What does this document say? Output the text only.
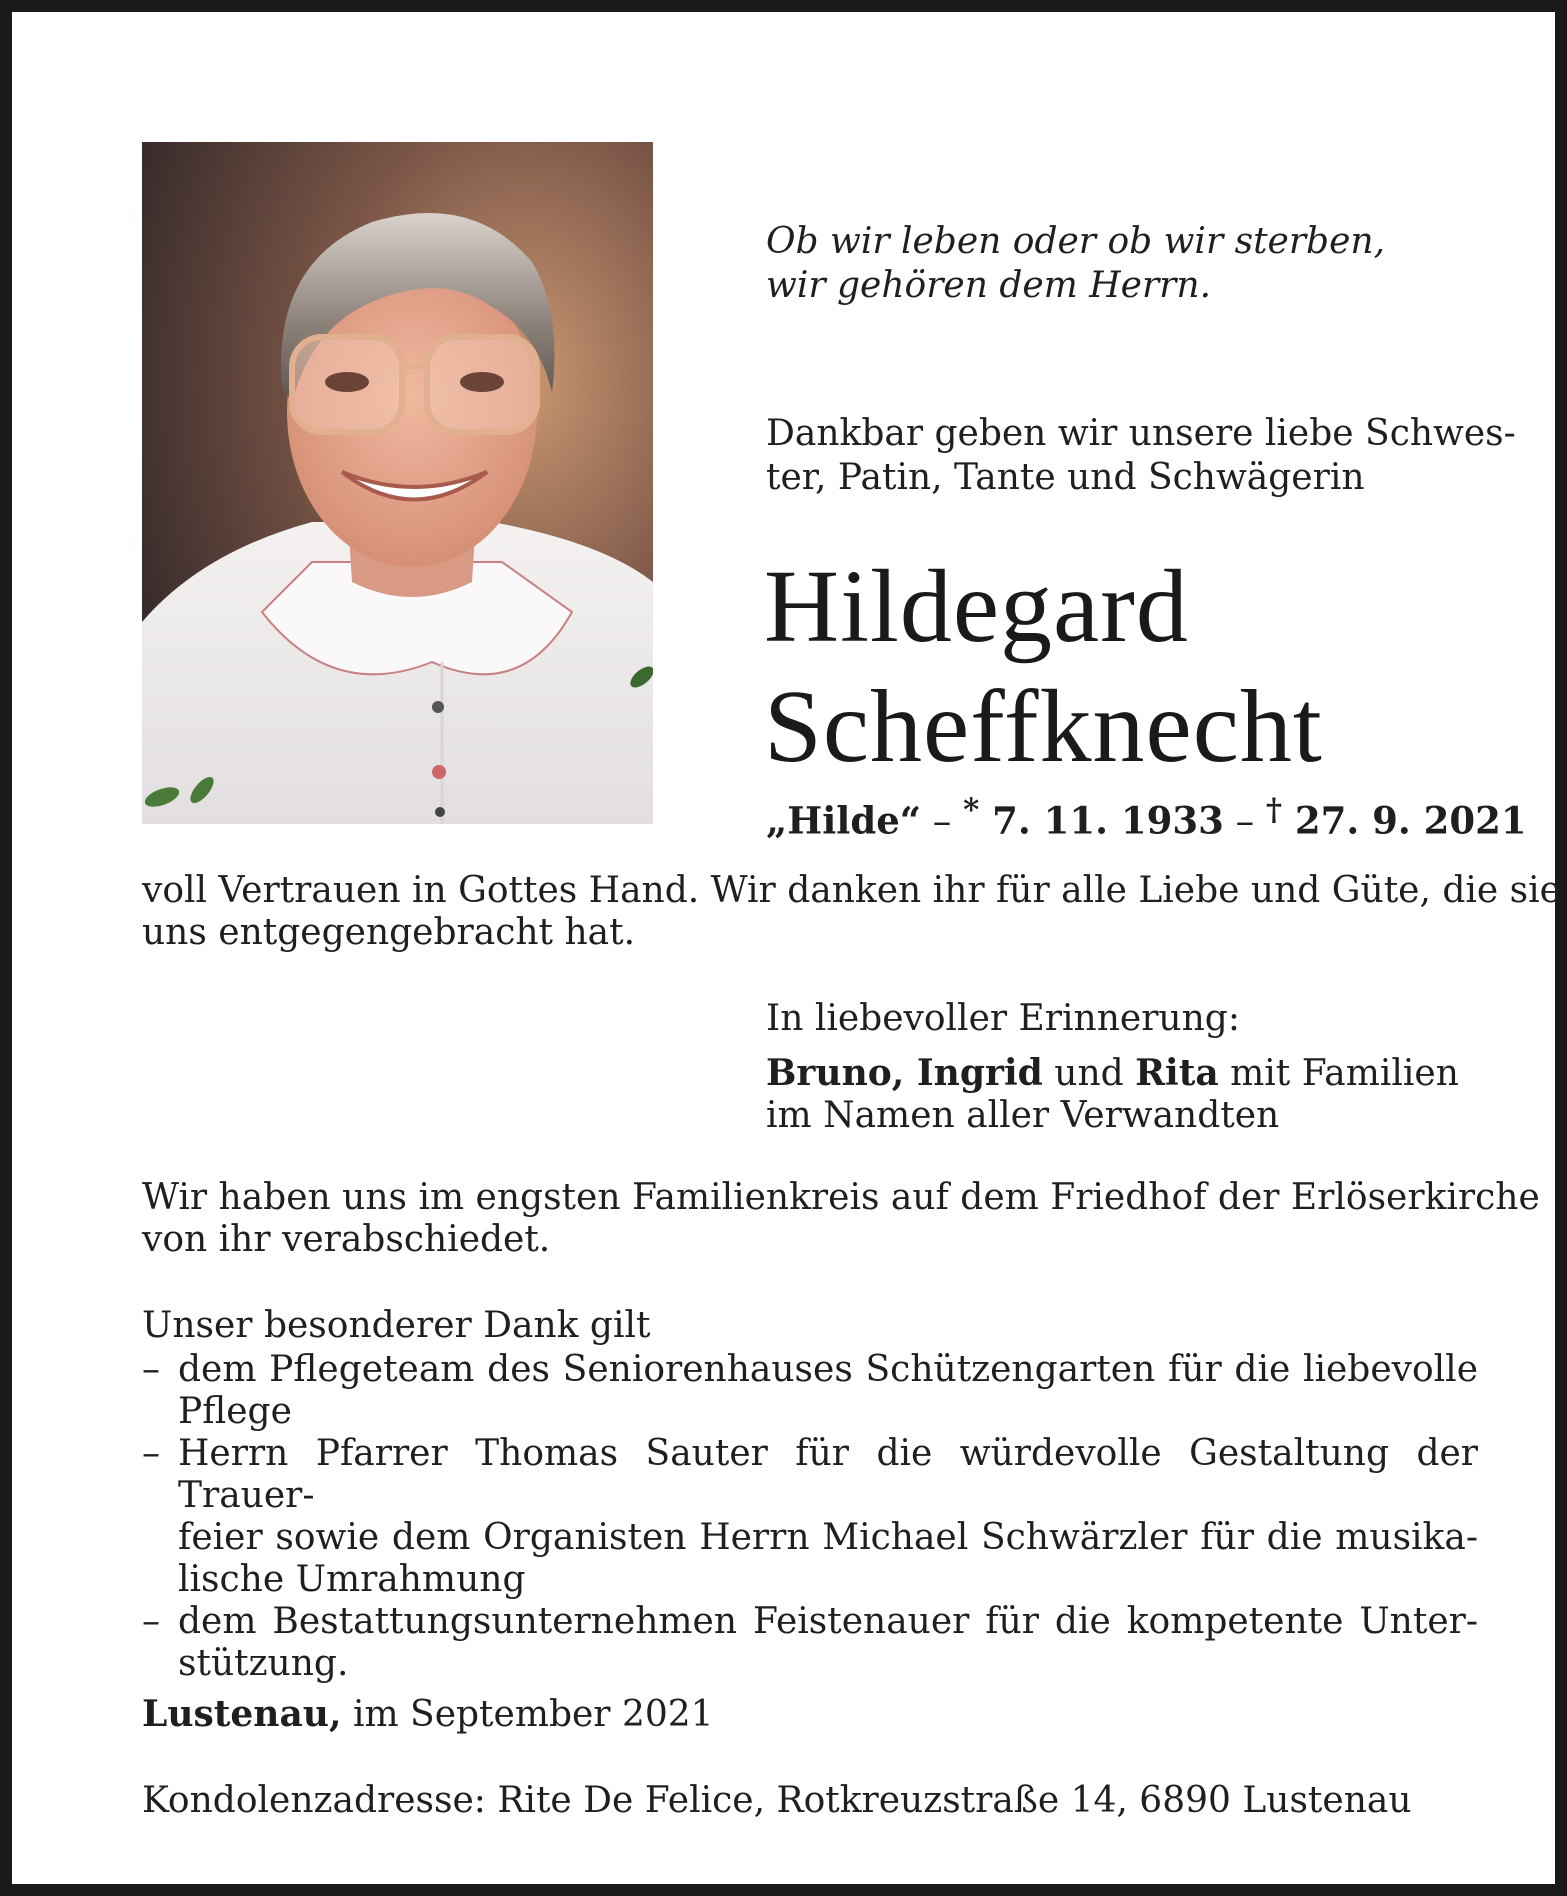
Ob wir leben oder ob wir sterben,
wir gehören dem Herrn.
Dankbar geben wir unsere liebe Schwes-
ter, Patin, Tante und Schwägerin
Hildegard
Scheffknecht
„Hilde“ – * 7. 11. 1933 – † 27. 9. 2021
voll Vertrauen in Gottes Hand. Wir danken ihr für alle Liebe und Güte, die sie
uns entgegengebracht hat.
In liebevoller Erinnerung:
Bruno, Ingrid und Rita mit Familien
im Namen aller Verwandten
Wir haben uns im engsten Familienkreis auf dem Friedhof der Erlöserkirche
von ihr verabschiedet.
Unser besonderer Dank gilt
– dem Pflegeteam des Seniorenhauses Schützengarten für die liebevolle
Pflege
– Herrn Pfarrer Thomas Sauter für die würdevolle Gestaltung der Trauer-
feier sowie dem Organisten Herrn Michael Schwärzler für die musika-
lische Umrahmung
– dem Bestattungsunternehmen Feistenauer für die kompetente Unter-
stützung.
Lustenau, im September 2021
Kondolenzadresse: Rite De Felice, Rotkreuzstraße 14, 6890 Lustenau
